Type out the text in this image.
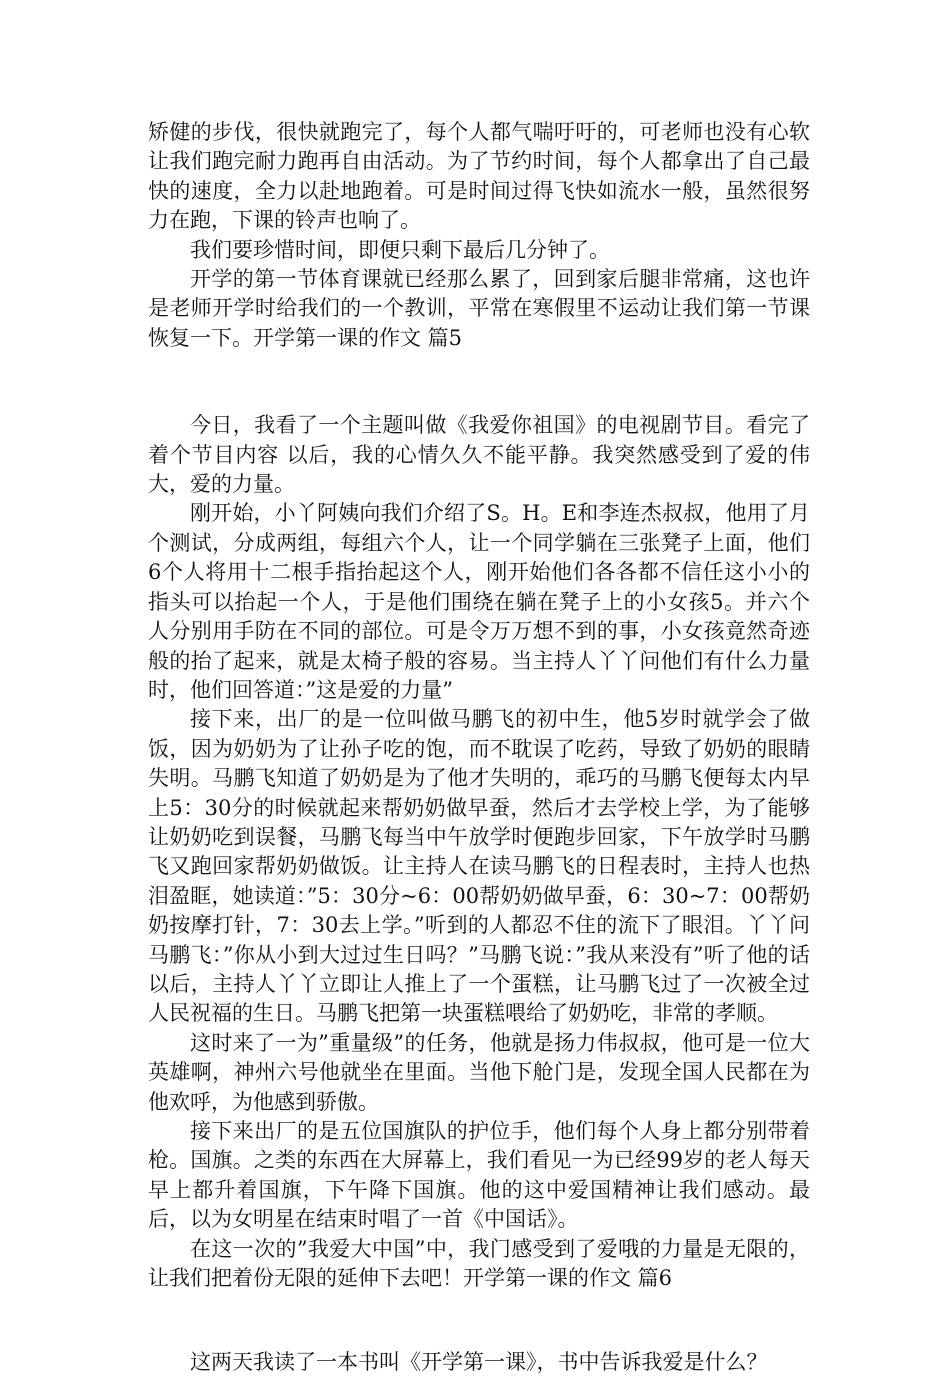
矫健的步伐，很快就跑完了，每个人都气喘吁吁的，可老师也没有心软让我们跑完耐力跑再自由活动。为了节约时间，每个人都拿出了自己最快的速度，全力以赴地跑着。可是时间过得飞快如流水一般，虽然很努力在跑，下课的铃声也响了。

我们要珍惜时间，即便只剩下最后几分钟了。

开学的第一节体育课就已经那么累了，回到家后腿非常痛，这也许是老师开学时给我们的一个教训，平常在寒假里不运动让我们第一节课恢复一下。开学第一课的作文 篇5

今日，我看了一个主题叫做《我爱你祖国》的电视剧节目。看完了着个节目内容 以后，我的心情久久不能平静。我突然感受到了爱的伟大，爱的力量。

刚开始，小丫阿姨向我们介绍了S。H。E和李连杰叔叔，他用了月 个测试，分成两组，每组六个人，让一个同学躺在三张凳子上面，他们6个人将用十二根手指抬起这个人，刚开始他们各各都不信任这小小的指头可以抬起一个人，于是他们围绕在躺在凳子上的小女孩5。并六个人分别用手防在不同的部位。可是令万万想不到的事，小女孩竟然奇迹般的抬了起来，就是太椅子般的容易。当主持人丫丫问他们有什么力量时，他们回答道：”这是爱的力量”

接下来，出厂的是一位叫做马鹏飞的初中生，他5岁时就学会了做饭，因为奶奶为了让孙子吃的饱，而不耽误了吃药，导致了奶奶的眼睛失明。马鹏飞知道了奶奶是为了他才失明的，乖巧的马鹏飞便每太内早上5：30分的时候就起来帮奶奶做早蚕，然后才去学校上学，为了能够让奶奶吃到误餐，马鹏飞每当中午放学时便跑步回家，下午放学时马鹏飞又跑回家帮奶奶做饭。让主持人在读马鹏飞的日程表时，主持人也热泪盈眶，她读道：”5：30分~6：00帮奶奶做早蚕，6：30~7：00帮奶奶按摩打针，7：30去上学。”听到的人都忍不住的流下了眼泪。丫丫问马鹏飞：”你从小到大过过生日吗？”马鹏飞说：”我从来没有”听了他的话以后，主持人丫丫立即让人推上了一个蛋糕，让马鹏飞过了一次被全过人民祝福的生日。马鹏飞把第一块蛋糕喂给了奶奶吃，非常的孝顺。

这时来了一为”重量级”的任务，他就是扬力伟叔叔，他可是一位大英雄啊，神州六号他就坐在里面。当他下舱门是，发现全国人民都在为他欢呼，为他感到骄傲。

接下来出厂的是五位国旗队的护位手，他们每个人身上都分别带着枪。国旗。之类的东西在大屏幕上，我们看见一为已经99岁的老人每天早上都升着国旗，下午降下国旗。他的这中爱国精神让我们感动。最后，以为女明星在结束时唱了一首《中国话》。

在这一次的”我爱大中国”中，我门感受到了爱哦的力量是无限的，让我们把着份无限的延伸下去吧！开学第一课的作文 篇6

这两天我读了一本书叫《开学第一课》，书中告诉我爱是什么？
